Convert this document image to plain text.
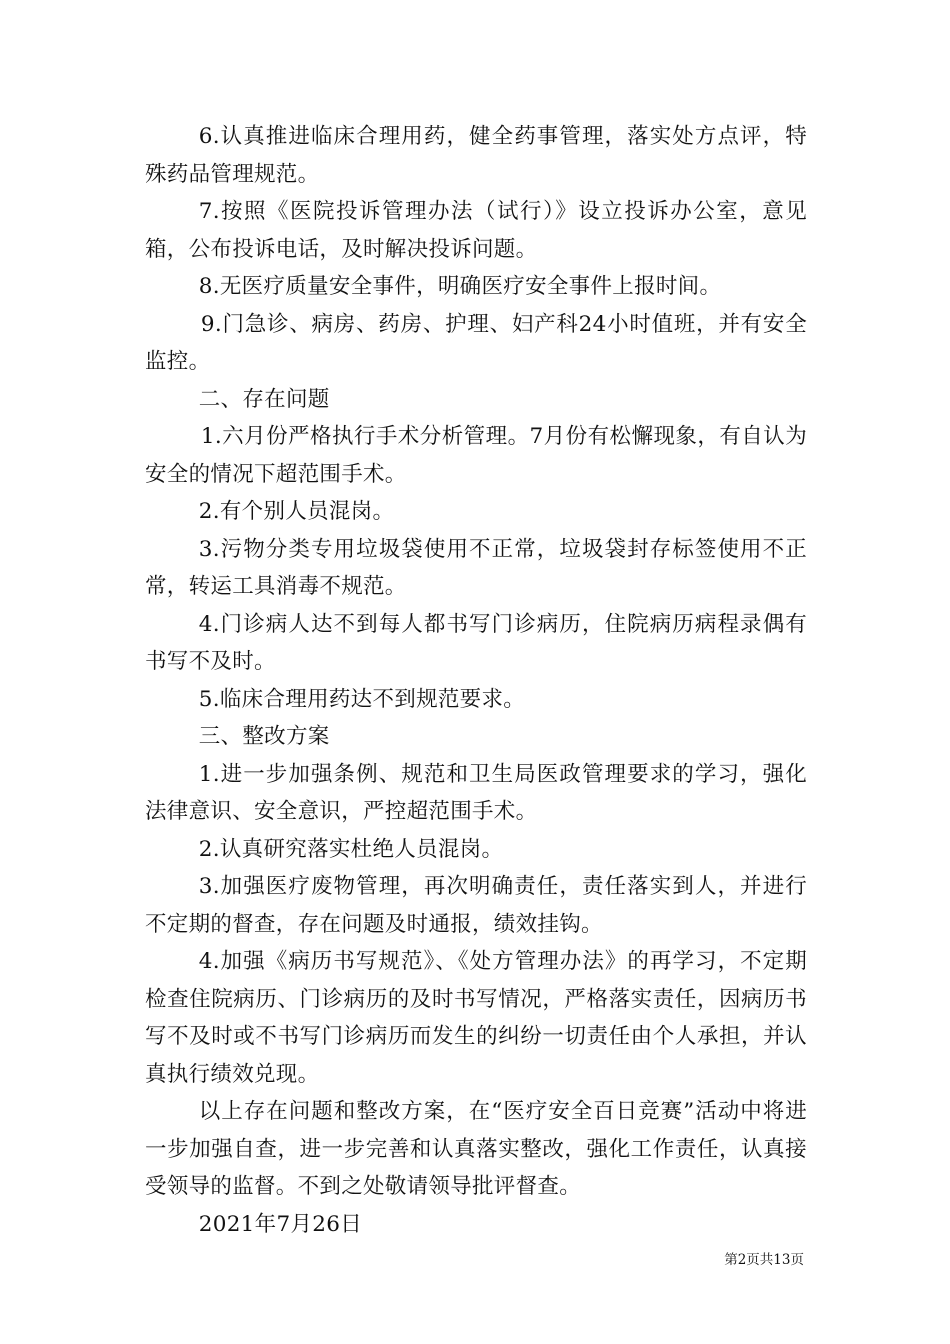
6.认真推进临床合理用药，健全药事管理，落实处方点评，特殊药品管理规范。

7.按照《医院投诉管理办法（试行）》设立投诉办公室，意见箱，公布投诉电话，及时解决投诉问题。

8.无医疗质量安全事件，明确医疗安全事件上报时间。

9.门急诊、病房、药房、护理、妇产科24小时值班，并有安全监控。

二、存在问题

1.六月份严格执行手术分析管理。7月份有松懈现象，有自认为安全的情况下超范围手术。

2.有个别人员混岗。

3.污物分类专用垃圾袋使用不正常，垃圾袋封存标签使用不正常，转运工具消毒不规范。

4.门诊病人达不到每人都书写门诊病历，住院病历病程录偶有书写不及时。

5.临床合理用药达不到规范要求。

三、整改方案

1.进一步加强条例、规范和卫生局医政管理要求的学习，强化法律意识、安全意识，严控超范围手术。

2.认真研究落实杜绝人员混岗。

3.加强医疗废物管理，再次明确责任，责任落实到人，并进行不定期的督查，存在问题及时通报，绩效挂钩。

4.加强《病历书写规范》、《处方管理办法》的再学习，不定期检查住院病历、门诊病历的及时书写情况，严格落实责任，因病历书写不及时或不书写门诊病历而发生的纠纷一切责任由个人承担，并认真执行绩效兑现。

以上存在问题和整改方案，在“医疗安全百日竞赛”活动中将进一步加强自查，进一步完善和认真落实整改，强化工作责任，认真接受领导的监督。不到之处敬请领导批评督查。

2021年7月26日

第2页共13页
